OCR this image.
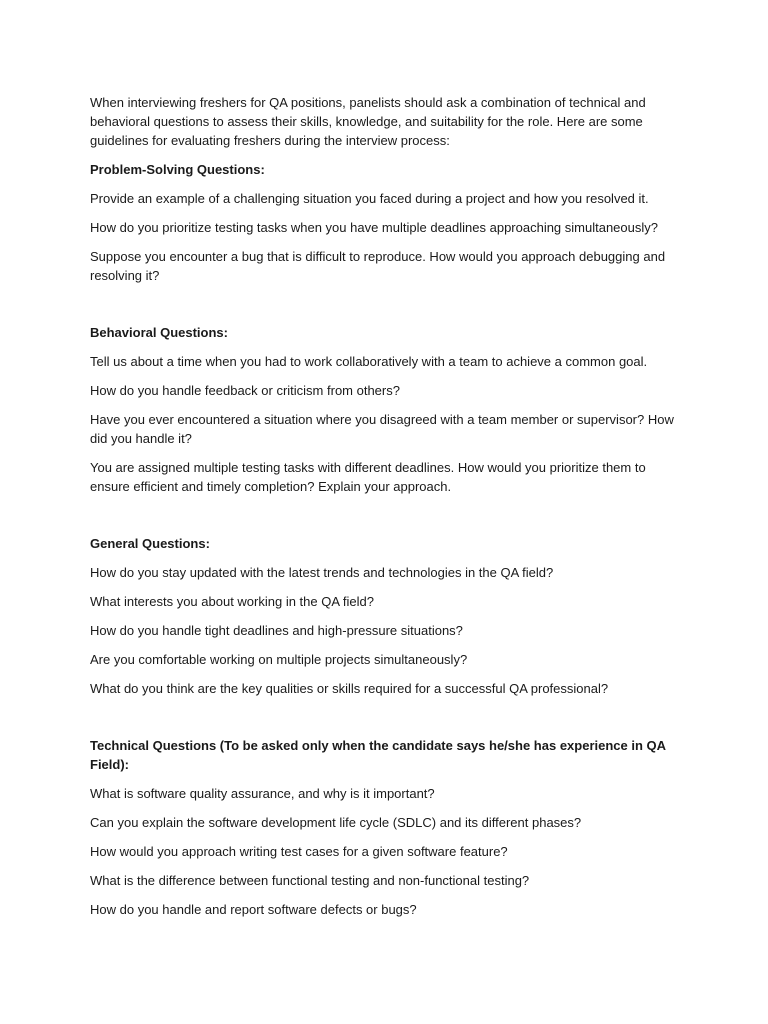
When interviewing freshers for QA positions, panelists should ask a combination of technical and behavioral questions to assess their skills, knowledge, and suitability for the role. Here are some guidelines for evaluating freshers during the interview process:

Problem-Solving Questions:

Provide an example of a challenging situation you faced during a project and how you resolved it.

How do you prioritize testing tasks when you have multiple deadlines approaching simultaneously?

Suppose you encounter a bug that is difficult to reproduce. How would you approach debugging and resolving it?

Behavioral Questions:

Tell us about a time when you had to work collaboratively with a team to achieve a common goal.

How do you handle feedback or criticism from others?

Have you ever encountered a situation where you disagreed with a team member or supervisor? How did you handle it?

You are assigned multiple testing tasks with different deadlines. How would you prioritize them to ensure efficient and timely completion? Explain your approach.

General Questions:

How do you stay updated with the latest trends and technologies in the QA field?

What interests you about working in the QA field?

How do you handle tight deadlines and high-pressure situations?

Are you comfortable working on multiple projects simultaneously?

What do you think are the key qualities or skills required for a successful QA professional?

Technical Questions (To be asked only when the candidate says he/she has experience in QA Field):

What is software quality assurance, and why is it important?

Can you explain the software development life cycle (SDLC) and its different phases?

How would you approach writing test cases for a given software feature?

What is the difference between functional testing and non-functional testing?

How do you handle and report software defects or bugs?
